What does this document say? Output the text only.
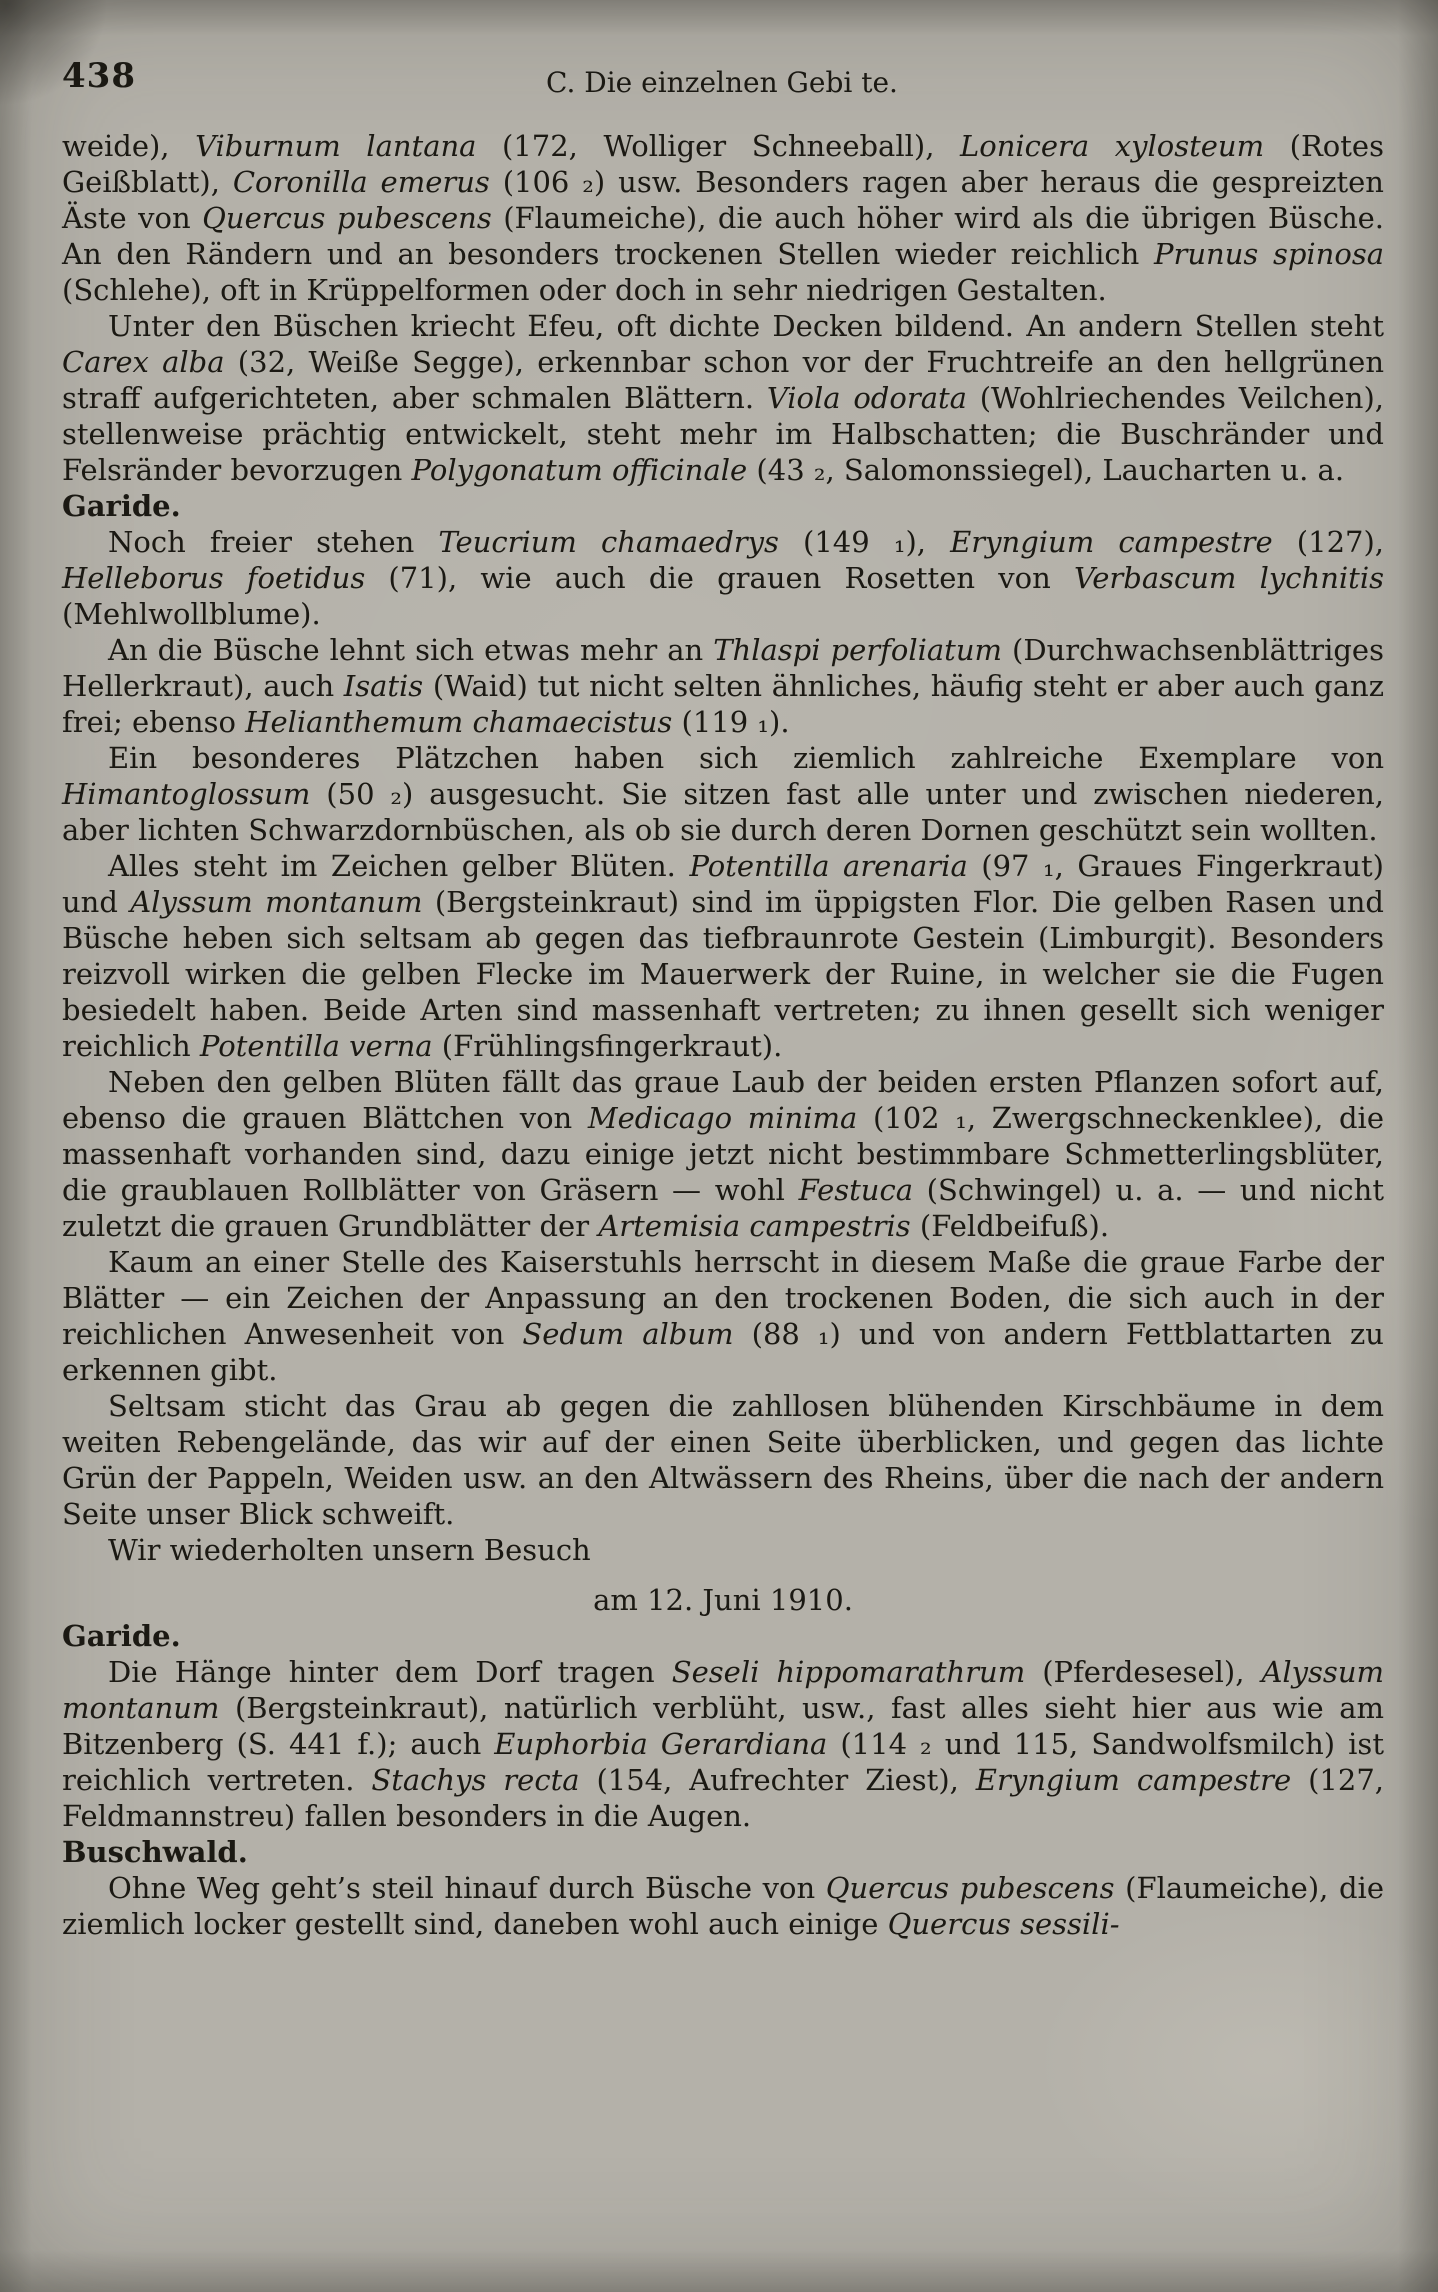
438	C. Die einzelnen Gebi te.

weide), Viburnum lantana (172, Wolliger Schneeball), Lonicera xylosteum (Rotes Geißblatt), Coronilla emerus (106 ₂) usw. Besonders ragen aber heraus die gespreizten Äste von Quercus pubescens (Flaumeiche), die auch höher wird als die übrigen Büsche. An den Rändern und an besonders trockenen Stellen wieder reichlich Prunus spinosa (Schlehe), oft in Krüppelformen oder doch in sehr niedrigen Gestalten.

Unter den Büschen kriecht Efeu, oft dichte Decken bildend. An andern Stellen steht Carex alba (32, Weiße Segge), erkennbar schon vor der Fruchtreife an den hellgrünen straff aufgerichteten, aber schmalen Blättern. Viola odorata (Wohlriechendes Veilchen), stellenweise prächtig entwickelt, steht mehr im Halbschatten; die Buschränder und Felsränder bevorzugen Polygonatum officinale (43 ₂, Salomonssiegel), Laucharten u. a.

Garide.

Noch freier stehen Teucrium chamaedrys (149 ₁), Eryngium campestre (127), Helleborus foetidus (71), wie auch die grauen Rosetten von Verbascum lychnitis (Mehlwollblume).

An die Büsche lehnt sich etwas mehr an Thlaspi perfoliatum (Durchwachsenblättriges Hellerkraut), auch Isatis (Waid) tut nicht selten ähnliches, häufig steht er aber auch ganz frei; ebenso Helianthemum chamaecistus (119 ₁).

Ein besonderes Plätzchen haben sich ziemlich zahlreiche Exemplare von Himantoglossum (50 ₂) ausgesucht. Sie sitzen fast alle unter und zwischen niederen, aber lichten Schwarzdornbüschen, als ob sie durch deren Dornen geschützt sein wollten.

Alles steht im Zeichen gelber Blüten. Potentilla arenaria (97 ₁, Graues Fingerkraut) und Alyssum montanum (Bergsteinkraut) sind im üppigsten Flor. Die gelben Rasen und Büsche heben sich seltsam ab gegen das tiefbraunrote Gestein (Limburgit). Besonders reizvoll wirken die gelben Flecke im Mauerwerk der Ruine, in welcher sie die Fugen besiedelt haben. Beide Arten sind massenhaft vertreten; zu ihnen gesellt sich weniger reichlich Potentilla verna (Frühlingsfingerkraut).

Neben den gelben Blüten fällt das graue Laub der beiden ersten Pflanzen sofort auf, ebenso die grauen Blättchen von Medicago minima (102 ₁, Zwergschneckenklee), die massenhaft vorhanden sind, dazu einige jetzt nicht bestimmbare Schmetterlingsblüter, die graublauen Rollblätter von Gräsern — wohl Festuca (Schwingel) u. a. — und nicht zuletzt die grauen Grundblätter der Artemisia campestris (Feldbeifuß).

Kaum an einer Stelle des Kaiserstuhls herrscht in diesem Maße die graue Farbe der Blätter — ein Zeichen der Anpassung an den trockenen Boden, die sich auch in der reichlichen Anwesenheit von Sedum album (88 ₁) und von andern Fettblattarten zu erkennen gibt.

Seltsam sticht das Grau ab gegen die zahllosen blühenden Kirschbäume in dem weiten Rebengelände, das wir auf der einen Seite überblicken, und gegen das lichte Grün der Pappeln, Weiden usw. an den Altwässern des Rheins, über die nach der andern Seite unser Blick schweift.

Wir wiederholten unsern Besuch

am 12. Juni 1910.

Garide.

Die Hänge hinter dem Dorf tragen Seseli hippomarathrum (Pferdesesel), Alyssum montanum (Bergsteinkraut), natürlich verblüht, usw., fast alles sieht hier aus wie am Bitzenberg (S. 441 f.); auch Euphorbia Gerardiana (114 ₂ und 115, Sandwolfsmilch) ist reichlich vertreten. Stachys recta (154, Aufrechter Ziest), Eryngium campestre (127, Feldmannstreu) fallen besonders in die Augen.

Buschwald.

Ohne Weg geht’s steil hinauf durch Büsche von Quercus pubescens (Flaumeiche), die ziemlich locker gestellt sind, daneben wohl auch einige Quercus sessili-
